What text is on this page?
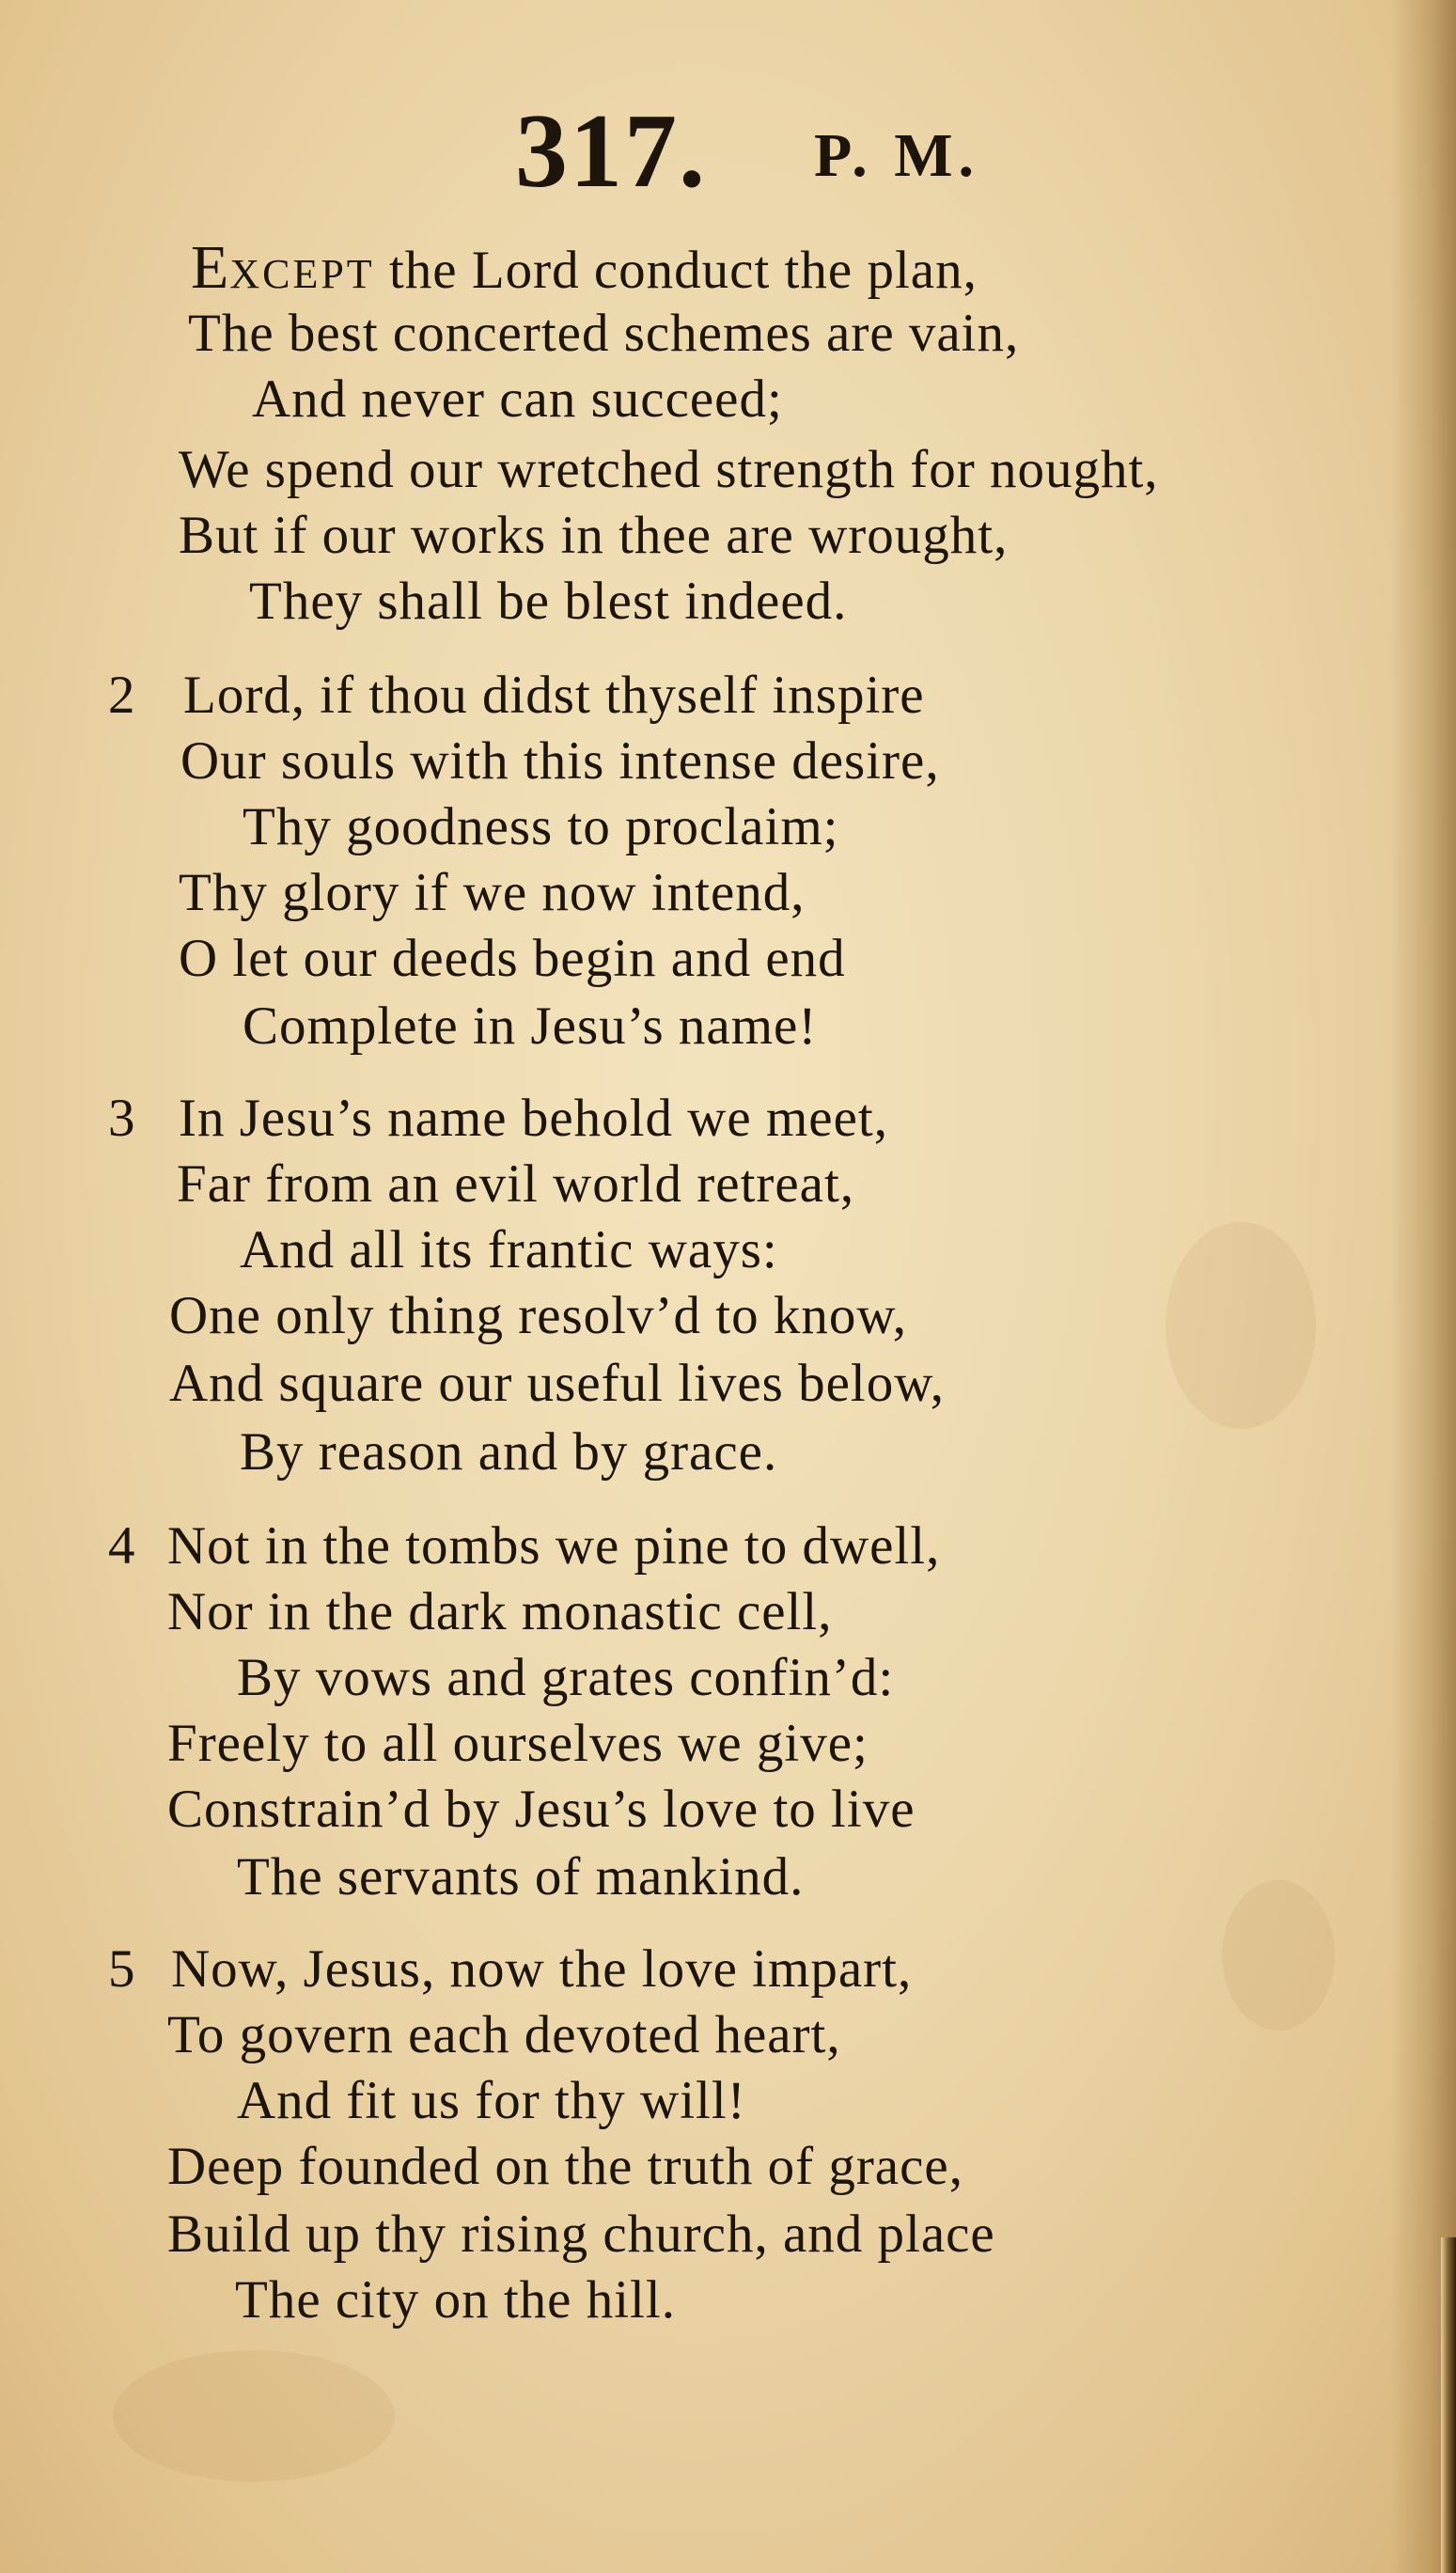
317. P. M.
EXCEPT the Lord conduct the plan,
The best concerted schemes are vain,
And never can succeed;
We spend our wretched strength for nought,
But if our works in thee are wrought,
They shall be blest indeed.
2 Lord, if thou didst thyself inspire
Our souls with this intense desire,
Thy goodness to proclaim;
Thy glory if we now intend,
O let our deeds begin and end
Complete in Jesu’s name!
3 In Jesu’s name behold we meet,
Far from an evil world retreat,
And all its frantic ways:
One only thing resolv’d to know,
And square our useful lives below,
By reason and by grace.
4 Not in the tombs we pine to dwell,
Nor in the dark monastic cell,
By vows and grates confin’d:
Freely to all ourselves we give;
Constrain’d by Jesu’s love to live
The servants of mankind.
5 Now, Jesus, now the love impart,
To govern each devoted heart,
And fit us for thy will!
Deep founded on the truth of grace,
Build up thy rising church, and place
The city on the hill.
